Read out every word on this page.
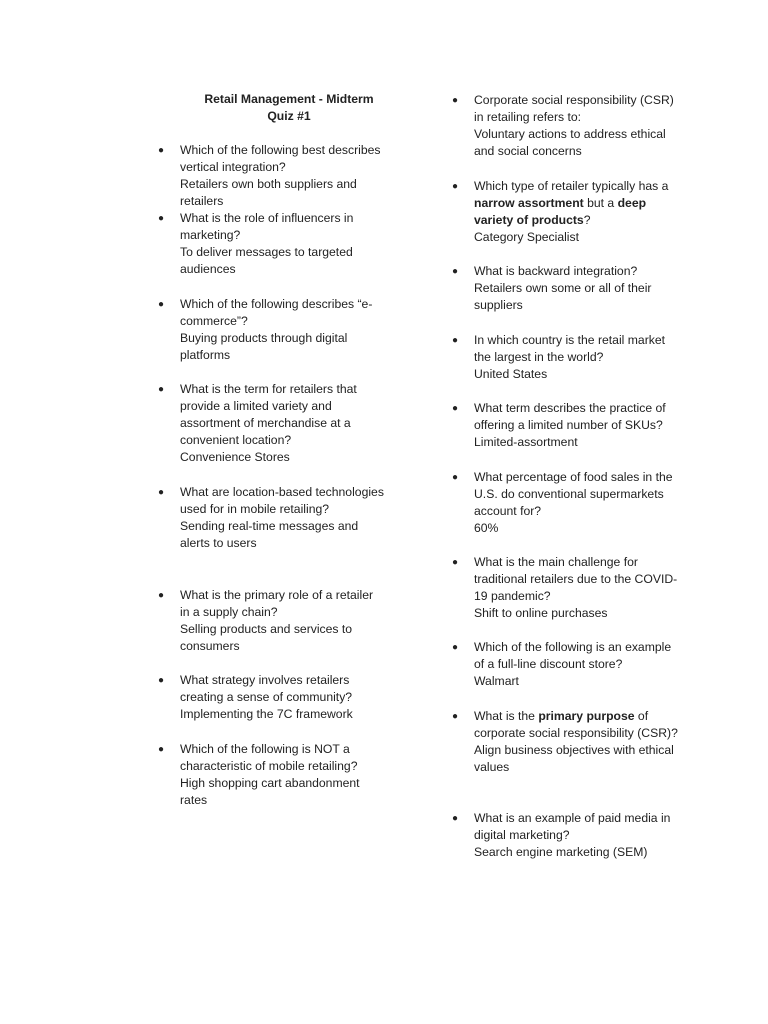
Retail Management - Midterm
Quiz #1
●	Which of the following best describes vertical integration?
Retailers own both suppliers and retailers
●	What is the role of influencers in marketing?
To deliver messages to targeted audiences
●	Which of the following describes “e-commerce”?
Buying products through digital platforms
●	What is the term for retailers that provide a limited variety and assortment of merchandise at a convenient location?
Convenience Stores
●	What are location-based technologies used for in mobile retailing?
Sending real-time messages and alerts to users
●	What is the primary role of a retailer in a supply chain?
Selling products and services to consumers
●	What strategy involves retailers creating a sense of community?
Implementing the 7C framework
●	Which of the following is NOT a characteristic of mobile retailing?
High shopping cart abandonment rates
●	Corporate social responsibility (CSR) in retailing refers to:
Voluntary actions to address ethical and social concerns
●	Which type of retailer typically has a narrow assortment but a deep variety of products?
Category Specialist
●	What is backward integration?
Retailers own some or all of their suppliers
●	In which country is the retail market the largest in the world?
United States
●	What term describes the practice of offering a limited number of SKUs?
Limited-assortment
●	What percentage of food sales in the U.S. do conventional supermarkets account for?
60%
●	What is the main challenge for traditional retailers due to the COVID-19 pandemic?
Shift to online purchases
●	Which of the following is an example of a full-line discount store?
Walmart
●	What is the primary purpose of corporate social responsibility (CSR)?
Align business objectives with ethical values
●	What is an example of paid media in digital marketing?
Search engine marketing (SEM)
